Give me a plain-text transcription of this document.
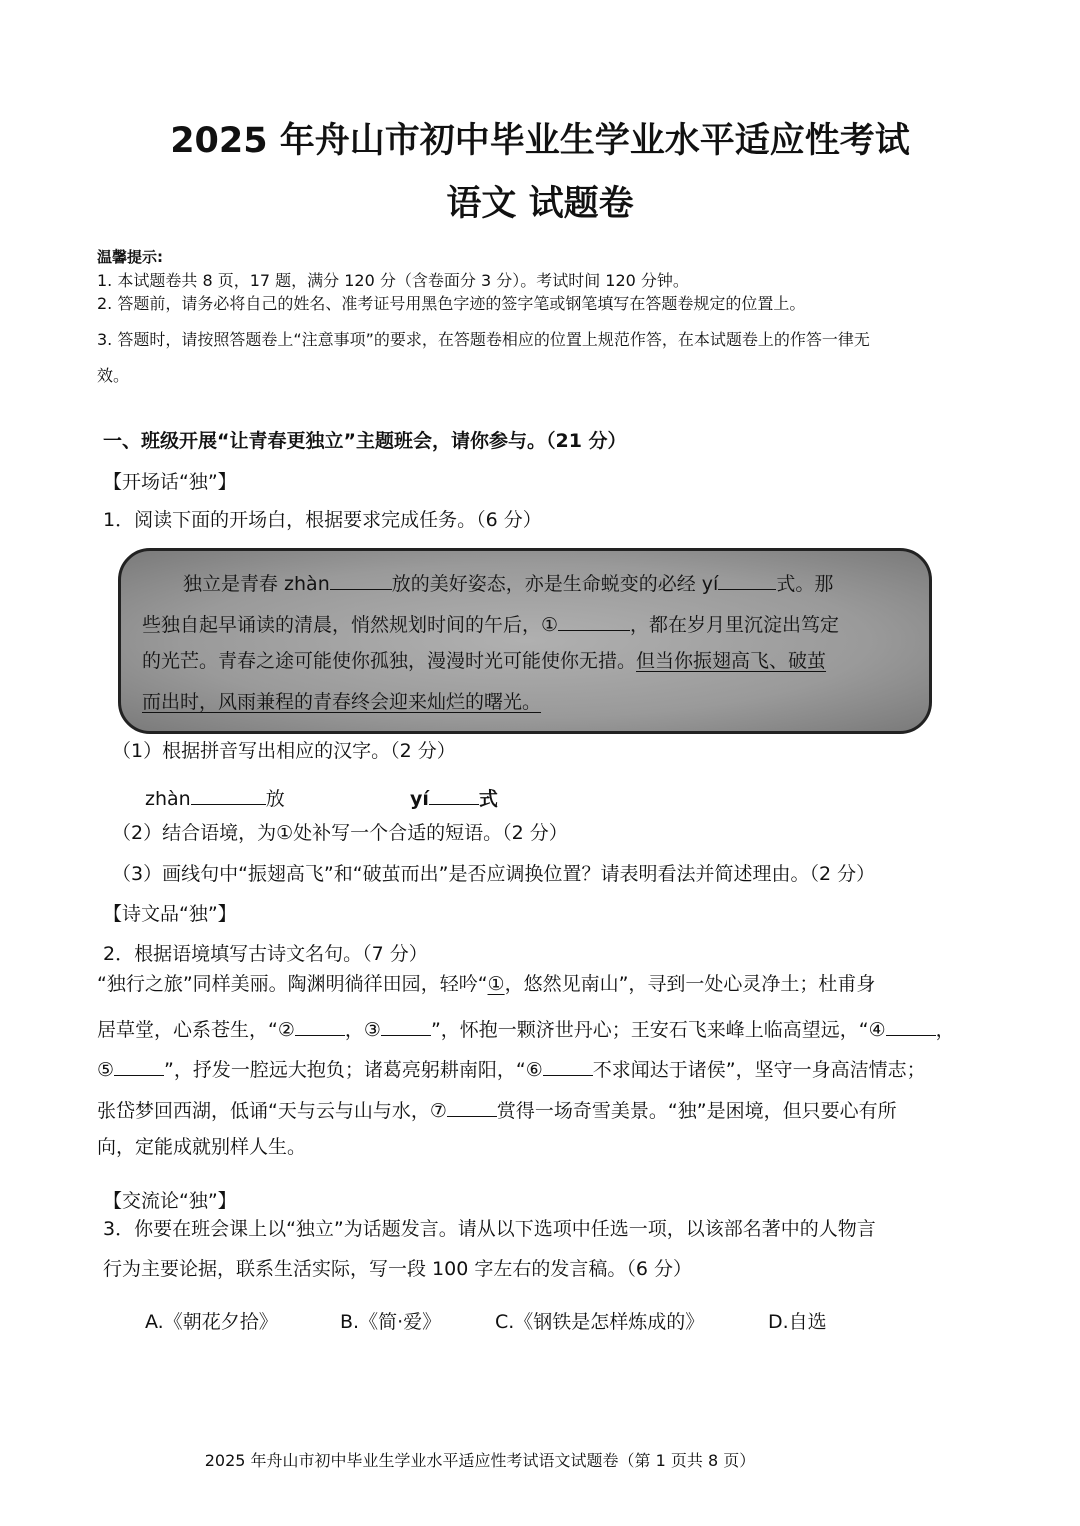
2025 年舟山市初中毕业生学业水平适应性考试
语文 试题卷
温馨提示:
1. 本试题卷共 8 页，17 题，满分 120 分（含卷面分 3 分）。考试时间 120 分钟。
2. 答题前，请务必将自己的姓名、准考证号用黑色字迹的签字笔或钢笔填写在答题卷规定的位置上。
3. 答题时，请按照答题卷上“注意事项”的要求，在答题卷相应的位置上规范作答，在本试题卷上的作答一律无
效。
一、班级开展“让青春更独立”主题班会，请你参与。（21 分）
【开场话“独”】
1．阅读下面的开场白，根据要求完成任务。（6 分）
独立是青春 zhàn	放的美好姿态，亦是生命蜕变的必经 yí	式。那
些独自起早诵读的清晨，悄然规划时间的午后，①	，都在岁月里沉淀出笃定
的光芒。青春之途可能使你孤独，漫漫时光可能使你无措。但当你振翅高飞、破茧
而出时，风雨兼程的青春终会迎来灿烂的曙光。
（1）根据拼音写出相应的汉字。（2 分）
zhàn	放	yí	式
（2）结合语境，为①处补写一个合适的短语。（2 分）
（3）画线句中“振翅高飞”和“破茧而出”是否应调换位置？请表明看法并简述理由。（2 分）
【诗文品“独”】
2．根据语境填写古诗文名句。（7 分）
“独行之旅”同样美丽。陶渊明徜徉田园，轻吟“①，悠然见南山”，寻到一处心灵净土；杜甫身
居草堂，心系苍生，“②	，③	”，怀抱一颗济世丹心；王安石飞来峰上临高望远，“④	，
⑤	”，抒发一腔远大抱负；诸葛亮躬耕南阳，“⑥	不求闻达于诸侯”，坚守一身高洁情志；
张岱梦回西湖，低诵“天与云与山与水，⑦	赏得一场奇雪美景。“独”是困境，但只要心有所
向，定能成就别样人生。
【交流论“独”】
3．你要在班会课上以“独立”为话题发言。请从以下选项中任选一项，以该部名著中的人物言
行为主要论据，联系生活实际，写一段 100 字左右的发言稿。（6 分）
A.《朝花夕拾》	B.《简·爱》	C.《钢铁是怎样炼成的》	D.自选
2025 年舟山市初中毕业生学业水平适应性考试语文试题卷（第 1 页共 8 页）
